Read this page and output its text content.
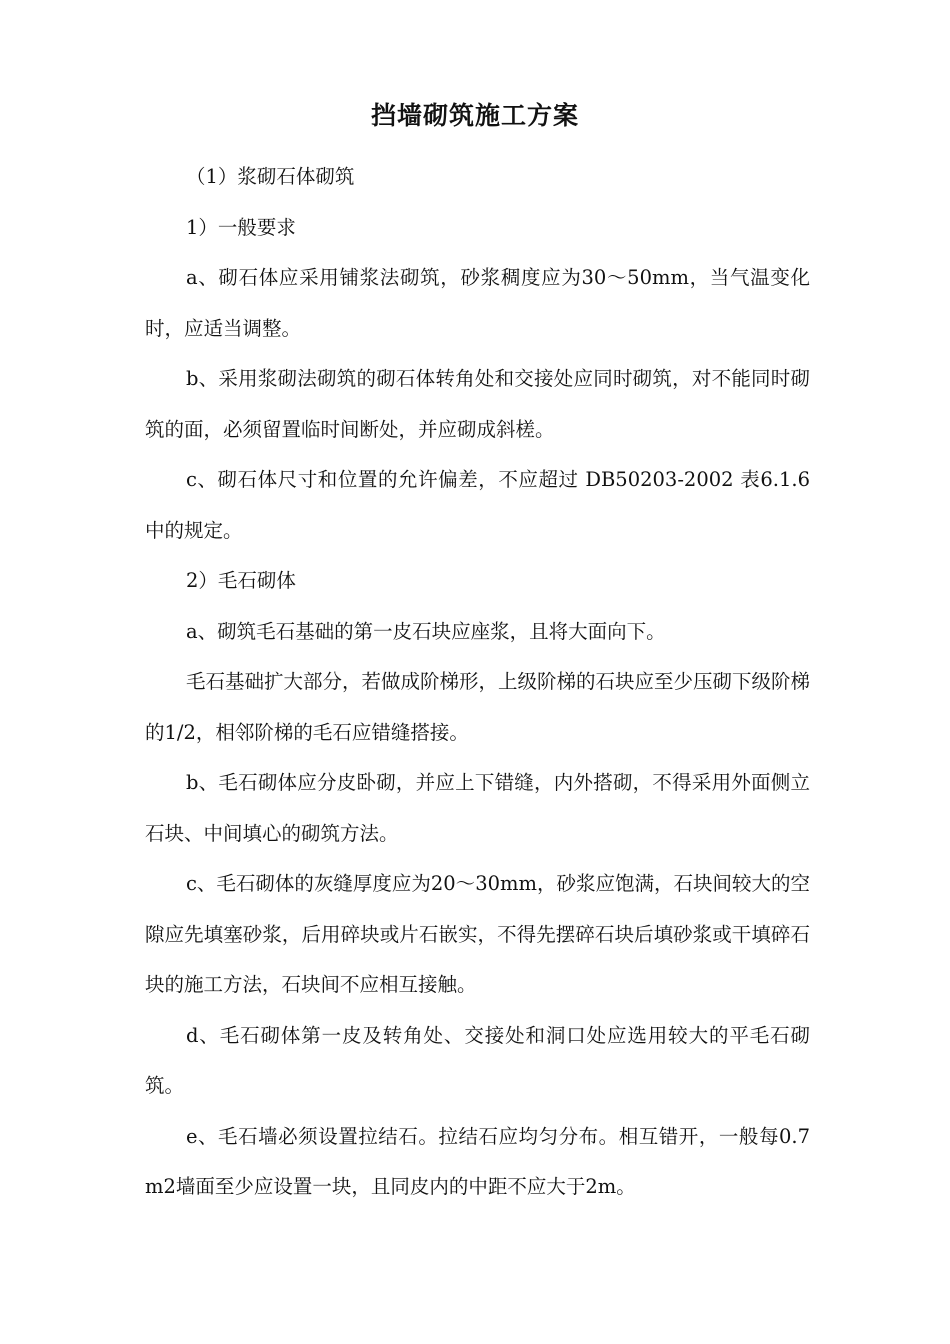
挡墙砌筑施工方案

（1）浆砌石体砌筑

1）一般要求

a、砌石体应采用铺浆法砌筑，砂浆稠度应为30～50mm，当气温变化时，应适当调整。

b、采用浆砌法砌筑的砌石体转角处和交接处应同时砌筑，对不能同时砌筑的面，必须留置临时间断处，并应砌成斜槎。

c、砌石体尺寸和位置的允许偏差，不应超过 DB50203-2002 表6.1.6中的规定。

2）毛石砌体

a、砌筑毛石基础的第一皮石块应座浆，且将大面向下。

毛石基础扩大部分，若做成阶梯形，上级阶梯的石块应至少压砌下级阶梯的1/2，相邻阶梯的毛石应错缝搭接。

b、毛石砌体应分皮卧砌，并应上下错缝，内外搭砌，不得采用外面侧立石块、中间填心的砌筑方法。

c、毛石砌体的灰缝厚度应为20～30mm，砂浆应饱满，石块间较大的空隙应先填塞砂浆，后用碎块或片石嵌实，不得先摆碎石块后填砂浆或干填碎石块的施工方法，石块间不应相互接触。

d、毛石砌体第一皮及转角处、交接处和洞口处应选用较大的平毛石砌筑。

e、毛石墙必须设置拉结石。拉结石应均匀分布。相互错开，一般每0.7m2墙面至少应设置一块，且同皮内的中距不应大于2m。
